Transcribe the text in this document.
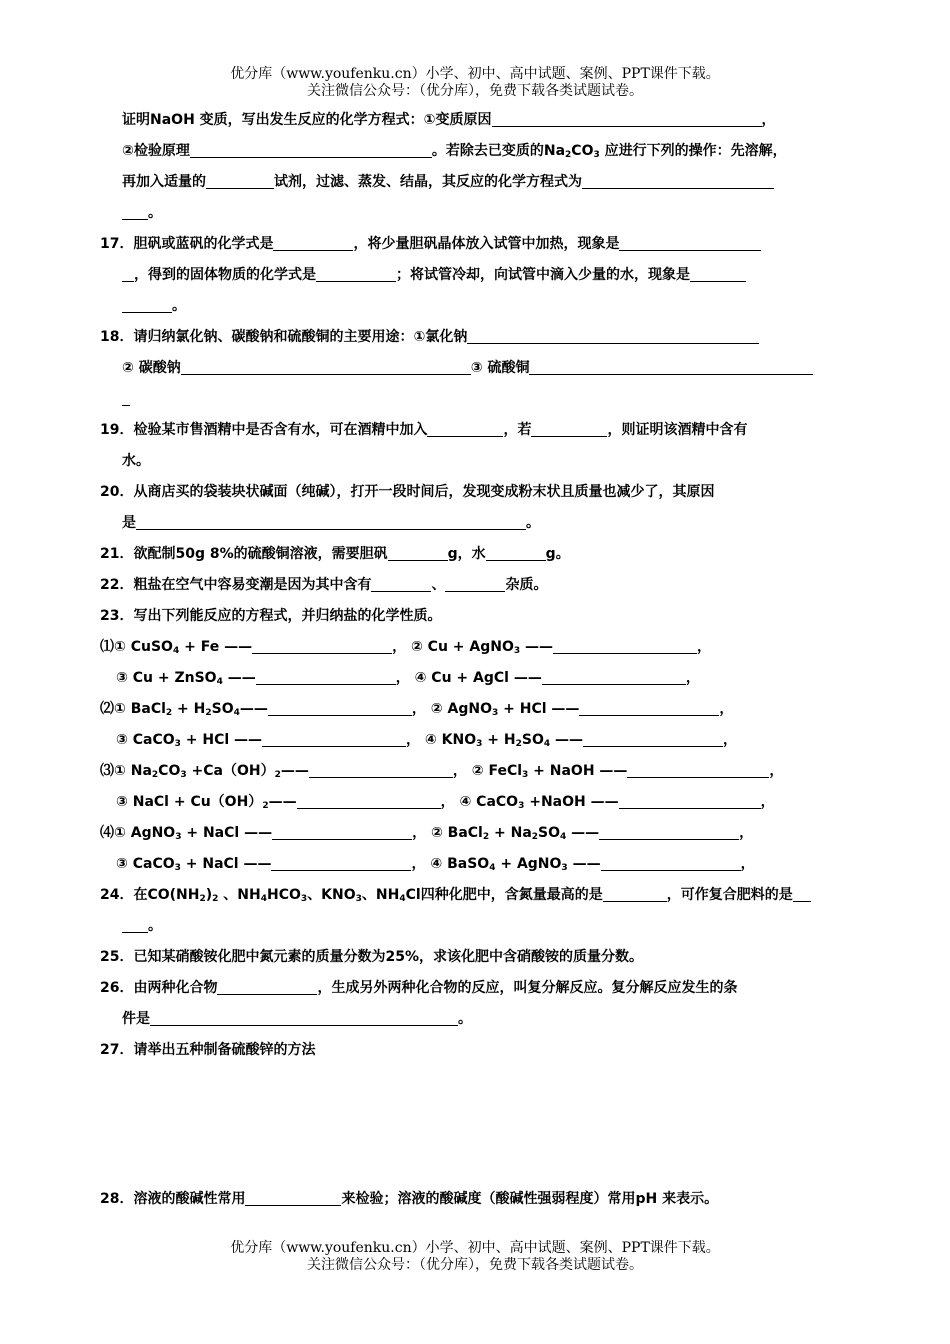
优分库（www.youfenku.cn）小学、初中、高中试题、案例、PPT课件下载。
关注微信公众号：（优分库），免费下载各类试题试卷。
证明NaOH 变质，写出发生反应的化学方程式：①变质原因	，
②检验原理	。若除去已变质的$Na_2CO_3$ 应进行下列的操作：先溶解，
再加入适量的	试剂，过滤、蒸发、结晶，其反应的化学方程式为
。
17．胆矾或蓝矾的化学式是	，将少量胆矾晶体放入试管中加热，现象是
，得到的固体物质的化学式是	；将试管冷却，向试管中滴入少量的水，现象是
。
18．请归纳氯化钠、碳酸钠和硫酸铜的主要用途：①氯化钠
② 碳酸钠	③ 硫酸铜
19．检验某市售酒精中是否含有水，可在酒精中加入	，若	，则证明该酒精中含有
水。
20．从商店买的袋装块状碱面（纯碱），打开一段时间后，发现变成粉末状且质量也减少了，其原因
是	。
21．欲配制50g 8%的硫酸铜溶液，需要胆矾	g，水	g。
22．粗盐在空气中容易变潮是因为其中含有	、	杂质。
23．写出下列能反应的方程式，并归纳盐的化学性质。
⑴① CuSO$_4$ + Fe ——	， ② Cu + AgNO$_3$ ——	，
③ Cu + ZnSO$_4$ ——	， ④ Cu + AgCl ——	，
⑵① BaCl$_2$ + $H_2SO_4——$	， ② AgNO$_3$ + HCl ——	，
③ CaCO$_3$ + HCl ——	， ④ $KNO_3 + H_2SO_4$ ——	，
⑶① $Na_2CO_3$ $+Ca(OH)_2——$	， ② FeCl$_3$ + NaOH ——	，
③ NaCl + $Cu(OH)_2——$	， ④ CaCO$_3$ +NaOH ——	，
⑷① AgNO$_3$ + NaCl ——	， ② BaCl$_2$ + $Na_2SO_4$ ——	，
③ CaCO$_3$ + NaCl ——	， ④ BaSO$_4$ + AgNO$_3$ ——	，
24．在$CO(NH_2)_2$ 、$NH_4HCO_3$、$KNO_3$、$NH_4Cl$四种化肥中，含氮量最高的是	，可作复合肥料的是
。
25．已知某硝酸铵化肥中氮元素的质量分数为25%，求该化肥中含硝酸铵的质量分数。
26．由两种化合物	，生成另外两种化合物的反应，叫复分解反应。复分解反应发生的条
件是	。
27．请举出五种制备硫酸锌的方法
28．溶液的酸碱性常用	来检验；溶液的酸碱度（酸碱性强弱程度）常用pH 来表示。
优分库（www.youfenku.cn）小学、初中、高中试题、案例、PPT课件下载。
关注微信公众号：（优分库），免费下载各类试题试卷。
